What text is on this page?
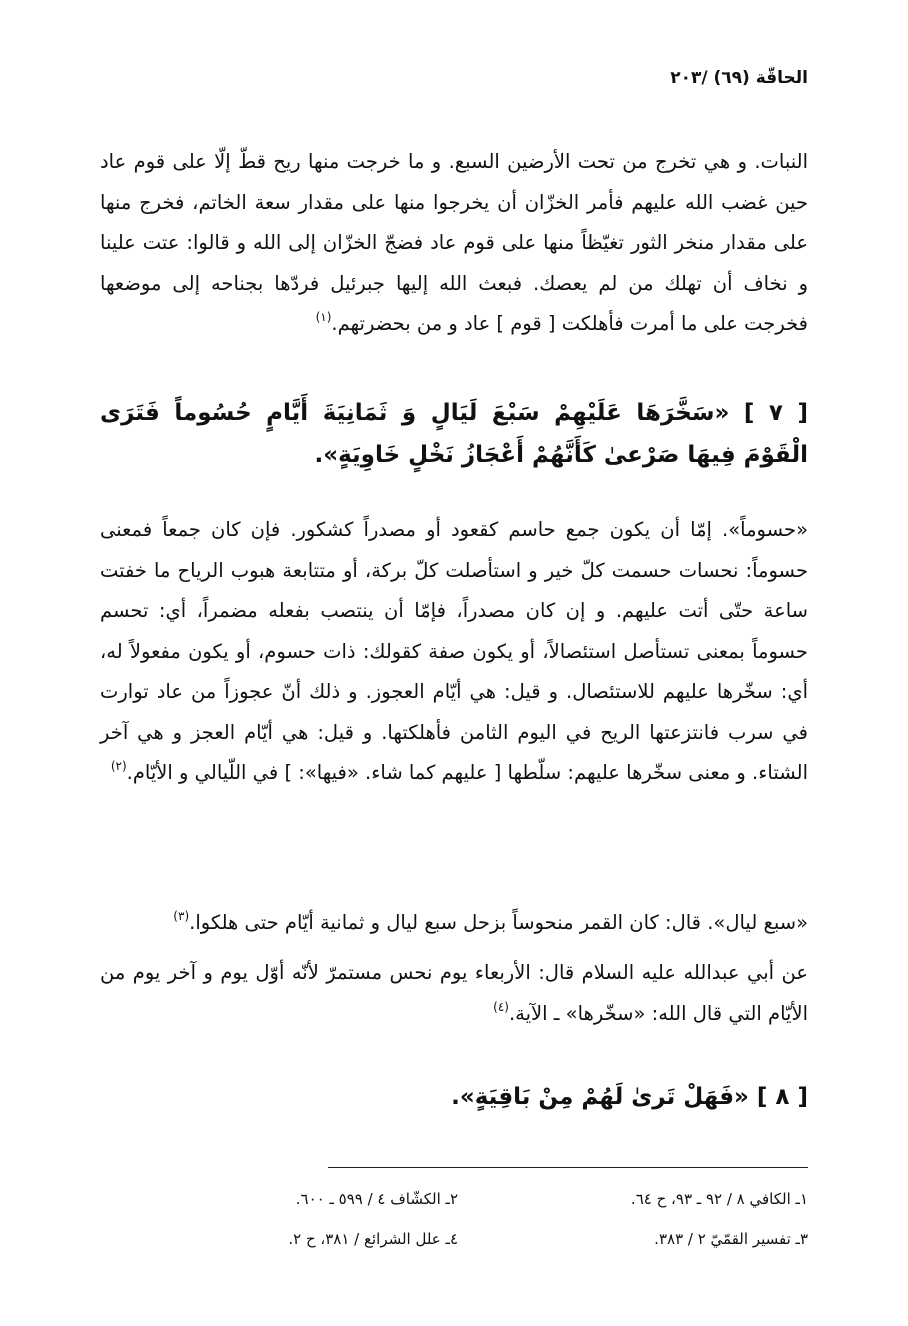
الحاقّة (٦٩) /٢٠٣

النبات. و هي تخرج من تحت الأرضين السبع. و ما خرجت منها ريح قطّ إلّا على قوم عاد حين غضب الله عليهم فأمر الخزّان أن يخرجوا منها على مقدار سعة الخاتم، فخرج منها على مقدار منخر الثور تغيّظاً منها على قوم عاد فضجّ الخزّان إلى الله و قالوا: عتت علينا و نخاف أن تهلك من لم يعصك. فبعث الله إليها جبرئيل فردّها بجناحه إلى موضعها فخرجت على ما أمرت فأهلكت [ قوم ] عاد و من بحضرتهم.$^{(١)}$

[ ٧ ] «سَخَّرَهَا عَلَيْهِمْ سَبْعَ لَيَالٍ وَ ثَمَانِيَةَ أَيَّامٍ حُسُوماً فَتَرَى الْقَوْمَ فِيهَا صَرْعىٰ كَأَنَّهُمْ أَعْجَازُ نَخْلٍ خَاوِيَةٍ».

«حسوماً». إمّا أن يكون جمع حاسم كقعود أو مصدراً كشكور. فإن كان جمعاً فمعنى حسوماً: نحسات حسمت كلّ خير و استأصلت كلّ بركة، أو متتابعة هبوب الرياح ما خفتت ساعة حتّى أتت عليهم. و إن كان مصدراً، فإمّا أن ينتصب بفعله مضمراً، أي: تحسم حسوماً بمعنى تستأصل استئصالاً، أو يكون صفة كقولك: ذات حسوم، أو يكون مفعولاً له، أي: سخّرها عليهم للاستئصال. و قيل: هي أيّام العجوز. و ذلك أنّ عجوزاً من عاد توارت في سرب فانتزعتها الريح في اليوم الثامن فأهلكتها. و قيل: هي أيّام العجز و هي آخر الشتاء. و معنى سخّرها عليهم: سلّطها [ عليهم كما شاء. «فيها»: ] في اللّيالي و الأيّام.$^{(٢)}$

«سبع ليال». قال: كان القمر منحوساً بزحل سبع ليال و ثمانية أيّام حتى هلكوا.$^{(٣)}$

عن أبي عبدالله عليه السلام قال: الأربعاء يوم نحس مستمرّ لأنّه أوّل يوم و آخر يوم من الأيّام التي قال الله: «سخّرها» ـ الآية.$^{(٤)}$

[ ٨ ] «فَهَلْ تَرىٰ لَهُمْ مِنْ بَاقِيَةٍ».

١ـ الكافي ٨ / ٩٢ ـ ٩٣، ح ٦٤.
٢ـ الكشّاف ٤ / ٥٩٩ ـ ٦٠٠.
٣ـ تفسير القمّيّ ٢ / ٣٨٣.
٤ـ علل الشرائع / ٣٨١، ح ٢.
